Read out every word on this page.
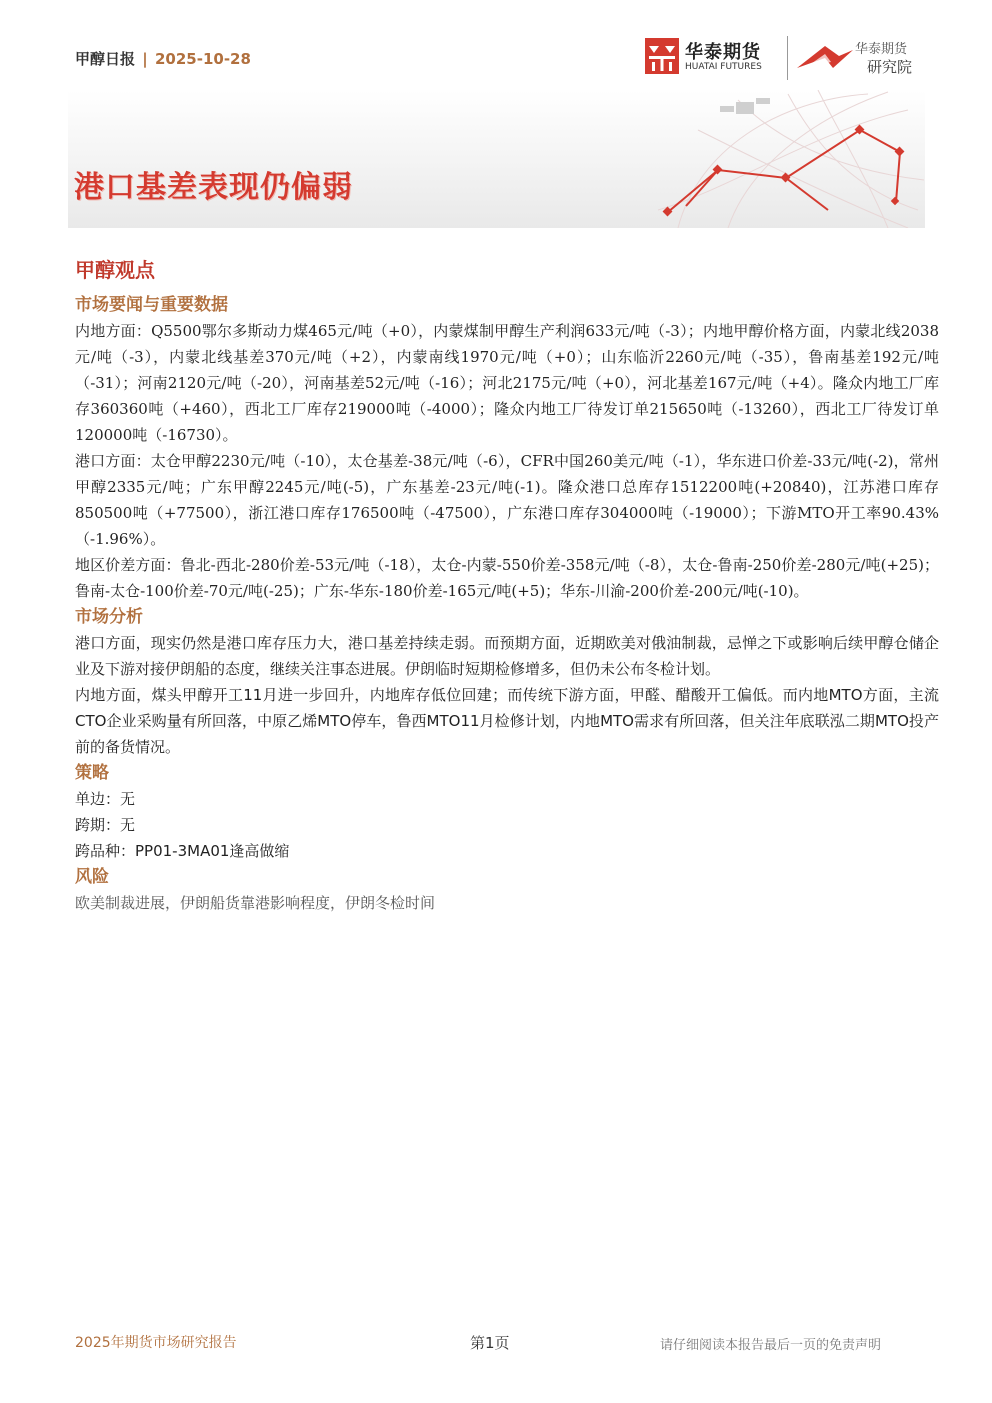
甲醇日报 | 2025-10-28	华泰期货
HUATAI FUTURES
华泰期货
研究院
港口基差表现仍偏弱
甲醇观点
市场要闻与重要数据

内地方面：Q5500鄂尔多斯动力煤465元/吨（+0），内蒙煤制甲醇生产利润633元/吨（-3）；内地甲醇价格方面，内蒙北线2038元/吨（-3），内蒙北线基差370元/吨（+2），内蒙南线1970元/吨（+0）；山东临沂2260元/吨（-35），鲁南基差192元/吨（-31）；河南2120元/吨（-20），河南基差52元/吨（-16）；河北2175元/吨（+0），河北基差167元/吨（+4）。隆众内地工厂库存360360吨（+460），西北工厂库存219000吨（-4000）；隆众内地工厂待发订单215650吨（-13260），西北工厂待发订单120000吨（-16730）。

港口方面：太仓甲醇2230元/吨（-10），太仓基差-38元/吨（-6），CFR中国260美元/吨（-1），华东进口价差-33元/吨(-2)，常州甲醇2335元/吨；广东甲醇2245元/吨(-5)，广东基差-23元/吨(-1)。隆众港口总库存1512200吨(+20840)，江苏港口库存850500吨（+77500），浙江港口库存176500吨（-47500），广东港口库存304000吨（-19000）；下游MTO开工率90.43%（-1.96%）。

地区价差方面：鲁北-西北-280价差-53元/吨（-18），太仓-内蒙-550价差-358元/吨（-8），太仓-鲁南-250价差-280元/吨(+25)；鲁南-太仓-100价差-70元/吨(-25)；广东-华东-180价差-165元/吨(+5)；华东-川渝-200价差-200元/吨(-10)。

市场分析

港口方面，现实仍然是港口库存压力大，港口基差持续走弱。而预期方面，近期欧美对俄油制裁，忌惮之下或影响后续甲醇仓储企业及下游对接伊朗船的态度，继续关注事态进展。伊朗临时短期检修增多，但仍未公布冬检计划。

内地方面，煤头甲醇开工11月进一步回升，内地库存低位回建；而传统下游方面，甲醛、醋酸开工偏低。而内地MTO方面，主流CTO企业采购量有所回落，中原乙烯MTO停车，鲁西MTO11月检修计划，内地MTO需求有所回落，但关注年底联泓二期MTO投产前的备货情况。

策略

单边：无

跨期：无

跨品种：PP01-3MA01逢高做缩

风险

欧美制裁进展，伊朗船货靠港影响程度，伊朗冬检时间

2025年期货市场研究报告	第1页	请仔细阅读本报告最后一页的免责声明
